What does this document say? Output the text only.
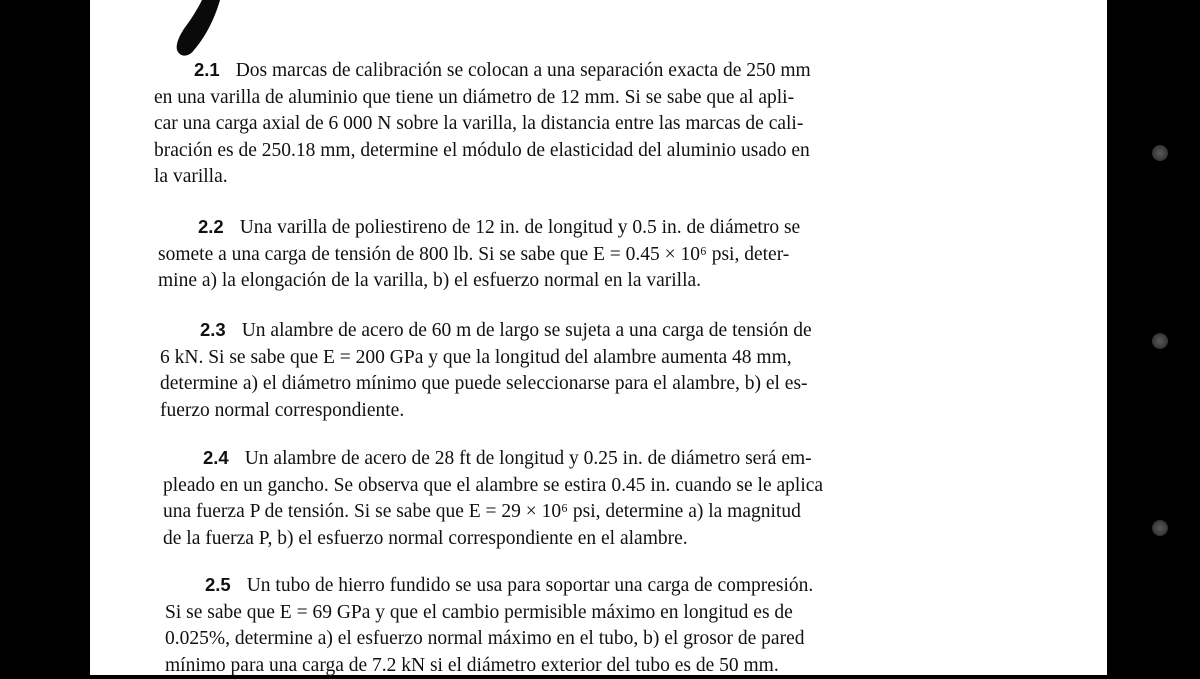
2.1 Dos marcas de calibración se colocan a una separación exacta de 250 mm
en una varilla de aluminio que tiene un diámetro de 12 mm. Si se sabe que al apli-
car una carga axial de 6 000 N sobre la varilla, la distancia entre las marcas de cali-
bración es de 250.18 mm, determine el módulo de elasticidad del aluminio usado en
la varilla.
2.2 Una varilla de poliestireno de 12 in. de longitud y 0.5 in. de diámetro se
somete a una carga de tensión de 800 lb. Si se sabe que E = 0.45 × 10⁶ psi, deter-
mine a) la elongación de la varilla, b) el esfuerzo normal en la varilla.
2.3 Un alambre de acero de 60 m de largo se sujeta a una carga de tensión de
6 kN. Si se sabe que E = 200 GPa y que la longitud del alambre aumenta 48 mm,
determine a) el diámetro mínimo que puede seleccionarse para el alambre, b) el es-
fuerzo normal correspondiente.
2.4 Un alambre de acero de 28 ft de longitud y 0.25 in. de diámetro será em-
pleado en un gancho. Se observa que el alambre se estira 0.45 in. cuando se le aplica
una fuerza P de tensión. Si se sabe que E = 29 × 10⁶ psi, determine a) la magnitud
de la fuerza P, b) el esfuerzo normal correspondiente en el alambre.
2.5 Un tubo de hierro fundido se usa para soportar una carga de compresión.
Si se sabe que E = 69 GPa y que el cambio permisible máximo en longitud es de
0.025%, determine a) el esfuerzo normal máximo en el tubo, b) el grosor de pared
mínimo para una carga de 7.2 kN si el diámetro exterior del tubo es de 50 mm.
